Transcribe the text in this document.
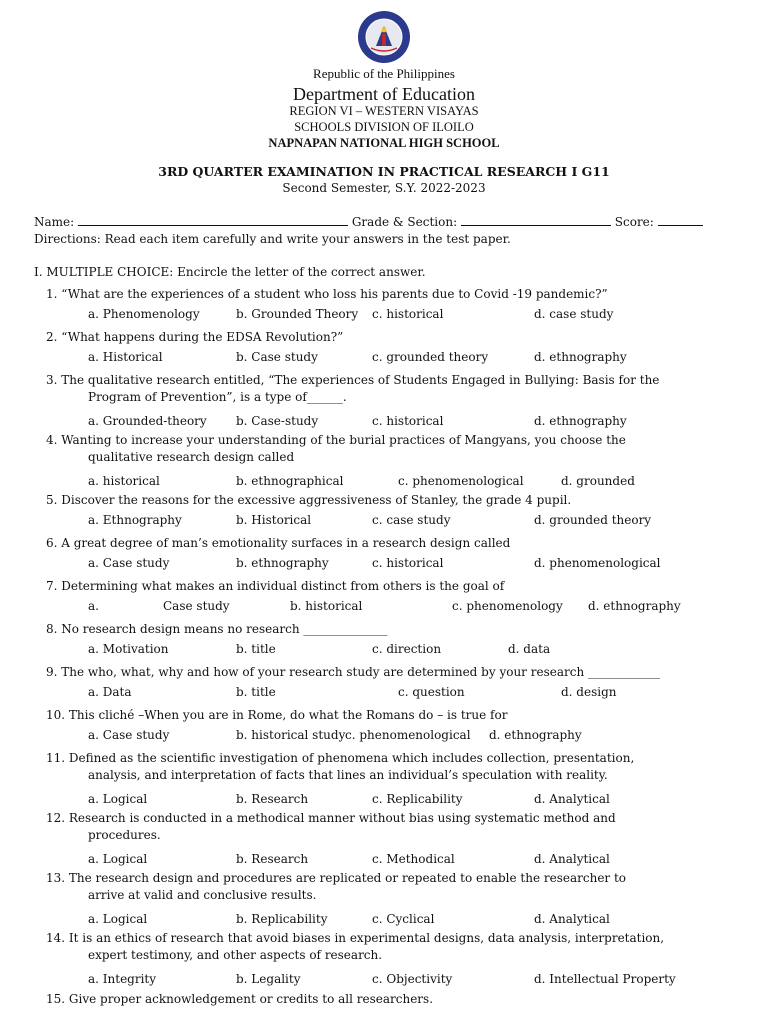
Republic of the Philippines
Department of Education
REGION VI – WESTERN VISAYAS
SCHOOLS DIVISION OF ILOILO
NAPNAPAN NATIONAL HIGH SCHOOL
3RD QUARTER EXAMINATION IN PRACTICAL RESEARCH I G11
Second Semester, S.Y. 2022-2023
Name:	Grade & Section:	Score:
Directions: Read each item carefully and write your answers in the test paper.
I. MULTIPLE CHOICE: Encircle the letter of the correct answer.
1. “What are the experiences of a student who loss his parents due to Covid -19 pandemic?”
a. Phenomenology	b. Grounded Theory c. historical	d. case study
2. “What happens during the EDSA Revolution?”
a. Historical	b. Case study	c. grounded theory	d. ethnography
3. The qualitative research entitled, “The experiences of Students Engaged in Bullying: Basis for the
Program of Prevention”, is a type of______.
a. Grounded-theory b. Case-study	c. historical	d. ethnography
4. Wanting to increase your understanding of the burial practices of Mangyans, you choose the
qualitative research design called
a. historical	b. ethnographical	c. phenomenological	d. grounded
5. Discover the reasons for the excessive aggressiveness of Stanley, the grade 4 pupil.
a. Ethnography	b. Historical	c. case study	d. grounded theory
6. A great degree of man’s emotionality surfaces in a research design called
a. Case study	b. ethnography	c. historical	d. phenomenological
7. Determining what makes an individual distinct from others is the goal of
a.	Case study	b. historical	c. phenomenology d. ethnography
8. No research design means no research ______________
a. Motivation	b. title	c. direction	d. data
9. The who, what, why and how of your research study are determined by your research ____________
a. Data	b. title	c. question	d. design
10. This cliché –When you are in Rome, do what the Romans do – is true for
a. Case study	b. historical study c. phenomenological d. ethnography
11. Defined as the scientific investigation of phenomena which includes collection, presentation,
analysis, and interpretation of facts that lines an individual’s speculation with reality.
a. Logical	b. Research	c. Replicability	d. Analytical
12. Research is conducted in a methodical manner without bias using systematic method and
procedures.
a. Logical	b. Research	c. Methodical	d. Analytical
13. The research design and procedures are replicated or repeated to enable the researcher to
arrive at valid and conclusive results.
a. Logical	b. Replicability	c. Cyclical	d. Analytical
14. It is an ethics of research that avoid biases in experimental designs, data analysis, interpretation,
expert testimony, and other aspects of research.
a. Integrity	b. Legality	c. Objectivity	d. Intellectual Property
15. Give proper acknowledgement or credits to all researchers.
